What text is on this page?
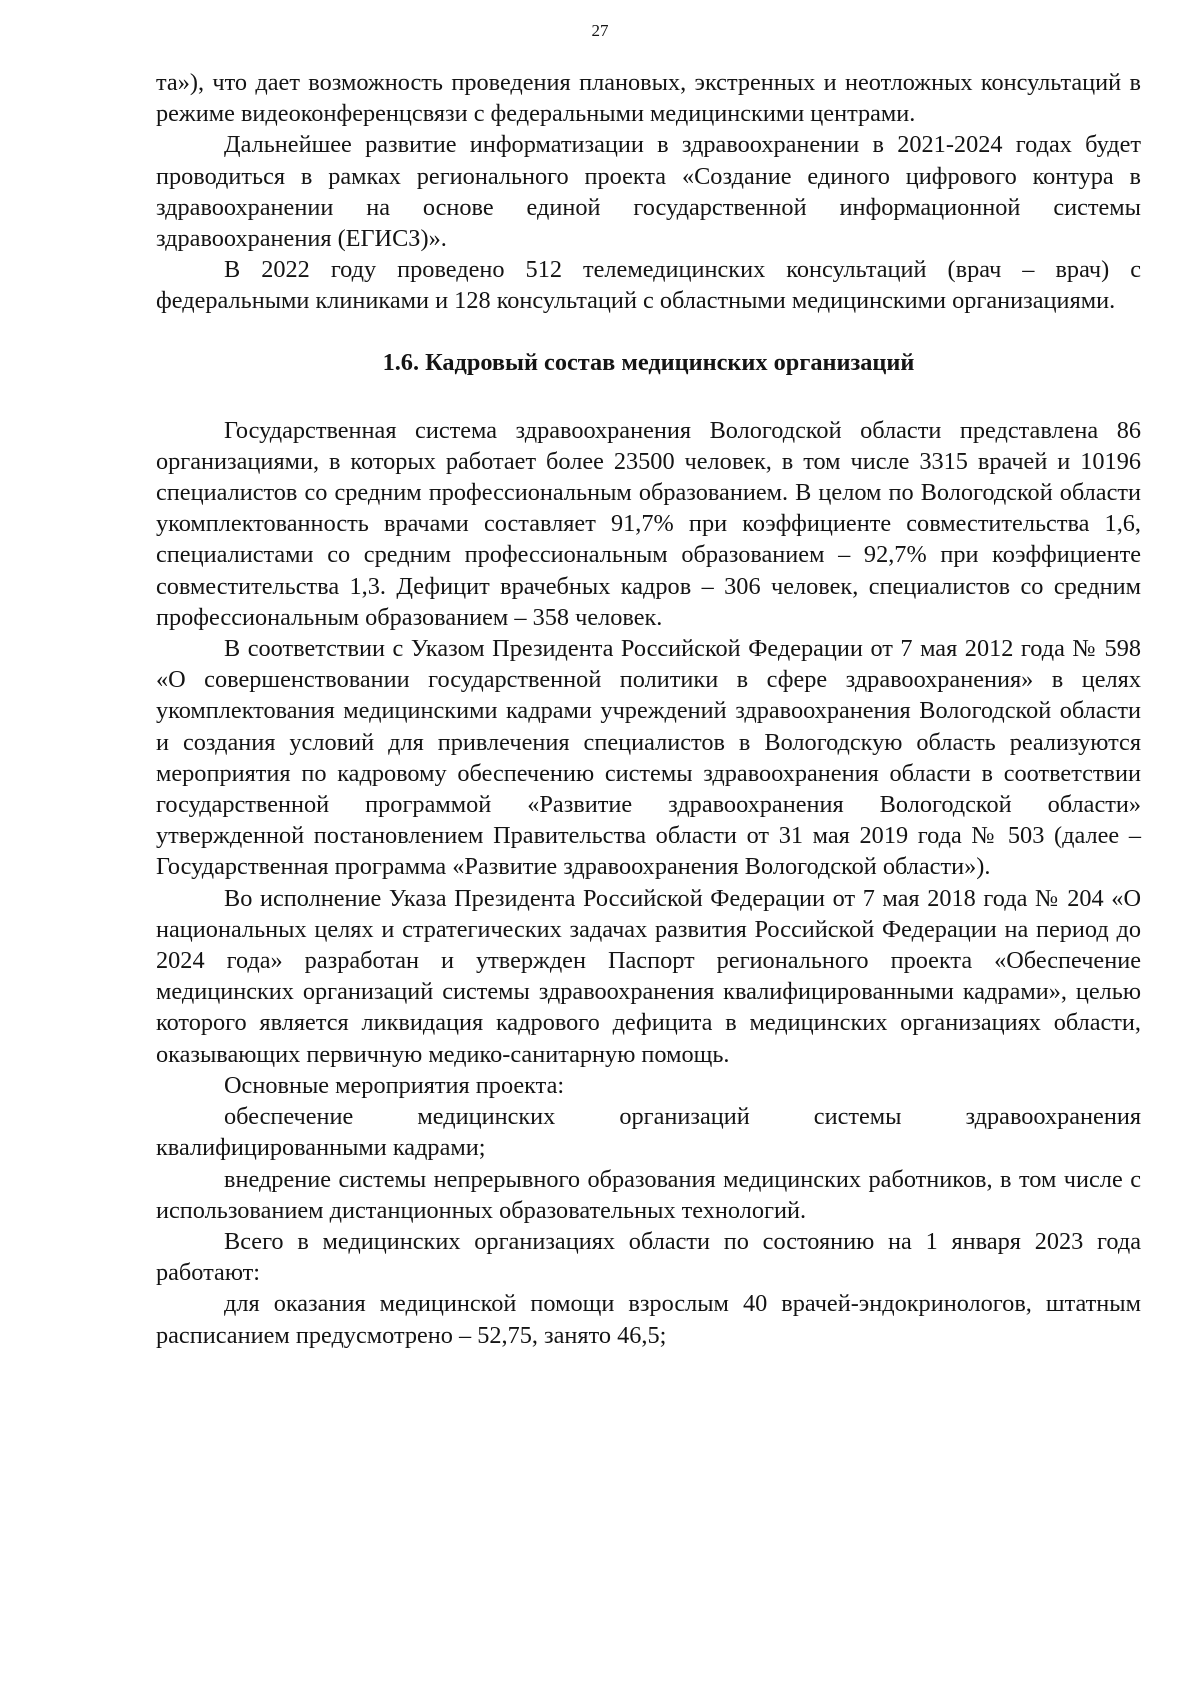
27

та»), что дает возможность проведения плановых, экстренных и неотложных консультаций в режиме видеоконференцсвязи с федеральными медицинскими центрами.

Дальнейшее развитие информатизации в здравоохранении в 2021-2024 годах будет проводиться в рамках регионального проекта «Создание единого цифрового контура в здравоохранении на основе единой государственной информационной системы здравоохранения (ЕГИСЗ)».

В 2022 году проведено 512 телемедицинских консультаций (врач – врач) с федеральными клиниками и 128 консультаций с областными медицинскими организациями.

1.6. Кадровый состав медицинских организаций

Государственная система здравоохранения Вологодской области представлена 86 организациями, в которых работает более 23500 человек, в том числе 3315 врачей и 10196 специалистов со средним профессиональным образованием. В целом по Вологодской области укомплектованность врачами составляет 91,7% при коэффициенте совместительства 1,6, специалистами со средним профессиональным образованием – 92,7% при коэффициенте совместительства 1,3. Дефицит врачебных кадров – 306 человек, специалистов со средним профессиональным образованием – 358 человек.

В соответствии с Указом Президента Российской Федерации от 7 мая 2012 года № 598 «О совершенствовании государственной политики в сфере здравоохранения» в целях укомплектования медицинскими кадрами учреждений здравоохранения Вологодской области и создания условий для привлечения специалистов в Вологодскую область реализуются мероприятия по кадровому обеспечению системы здравоохранения области в соответствии государственной программой «Развитие здравоохранения Вологодской области» утвержденной постановлением Правительства области от 31 мая 2019 года № 503 (далее – Государственная программа «Развитие здравоохранения Вологодской области»).

Во исполнение Указа Президента Российской Федерации от 7 мая 2018 года № 204 «О национальных целях и стратегических задачах развития Российской Федерации на период до 2024 года» разработан и утвержден Паспорт регионального проекта «Обеспечение медицинских организаций системы здравоохранения квалифицированными кадрами», целью которого является ликвидация кадрового дефицита в медицинских организациях области, оказывающих первичную медико-санитарную помощь.

Основные мероприятия проекта:

обеспечение медицинских организаций системы здравоохранения квалифицированными кадрами;

внедрение системы непрерывного образования медицинских работников, в том числе с использованием дистанционных образовательных технологий.

Всего в медицинских организациях области по состоянию на 1 января 2023 года работают:

для оказания медицинской помощи взрослым 40 врачей-эндокринологов, штатным расписанием предусмотрено – 52,75, занято 46,5;
